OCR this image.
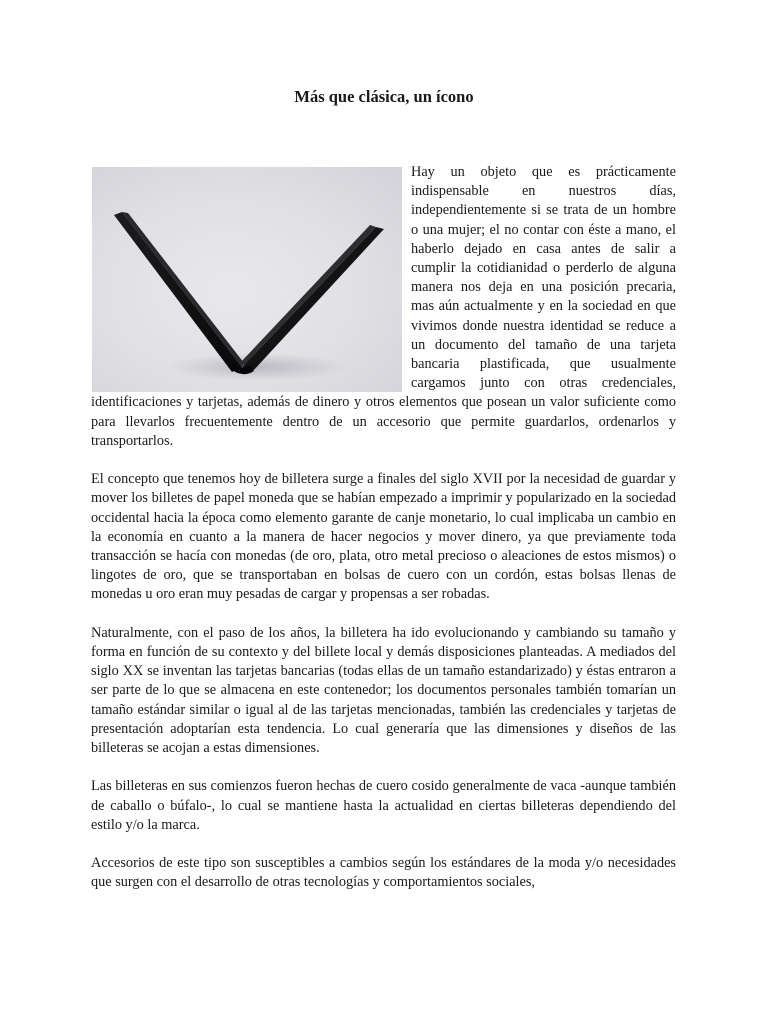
Más que clásica, un ícono

Hay un objeto que es prácticamente indispensable en nuestros días, independientemente si se trata de un hombre o una mujer; el no contar con éste a mano, el haberlo dejado en casa antes de salir a cumplir la cotidianidad o perderlo de alguna manera nos deja en una posición precaria, mas aún actualmente y en la sociedad en que vivimos donde nuestra identidad se reduce a un documento del tamaño de una tarjeta bancaria plastificada, que usualmente cargamos junto con otras credenciales, identificaciones y tarjetas, además de dinero y otros elementos que posean un valor suficiente como para llevarlos frecuentemente dentro de un accesorio que permite guardarlos, ordenarlos y transportarlos.

El concepto que tenemos hoy de billetera surge a finales del siglo XVII por la necesidad de guardar y mover los billetes de papel moneda que se habían empezado a imprimir y popularizado en la sociedad occidental hacia la época como elemento garante de canje monetario, lo cual implicaba un cambio en la economía en cuanto a la manera de hacer negocios y mover dinero, ya que previamente toda transacción se hacía con monedas (de oro, plata, otro metal precioso o aleaciones de estos mismos) o lingotes de oro, que se transportaban en bolsas de cuero con un cordón, estas bolsas llenas de monedas u oro eran muy pesadas de cargar y propensas a ser robadas.

Naturalmente, con el paso de los años, la billetera ha ido evolucionando y cambiando su tamaño y forma en función de su contexto y del billete local y demás disposiciones planteadas. A mediados del siglo XX se inventan las tarjetas bancarias (todas ellas de un tamaño estandarizado) y éstas entraron a ser parte de lo que se almacena en este contenedor; los documentos personales también tomarían un tamaño estándar similar o igual al de las tarjetas mencionadas, también las credenciales y tarjetas de presentación adoptarían esta tendencia. Lo cual generaría que las dimensiones y diseños de las billeteras se acojan a estas dimensiones.

Las billeteras en sus comienzos fueron hechas de cuero cosido generalmente de vaca -aunque también de caballo o búfalo-, lo cual se mantiene hasta la actualidad en ciertas billeteras dependiendo del estilo y/o la marca.

Accesorios de este tipo son susceptibles a cambios según los estándares de la moda y/o necesidades que surgen con el desarrollo de otras tecnologías y comportamientos sociales,
